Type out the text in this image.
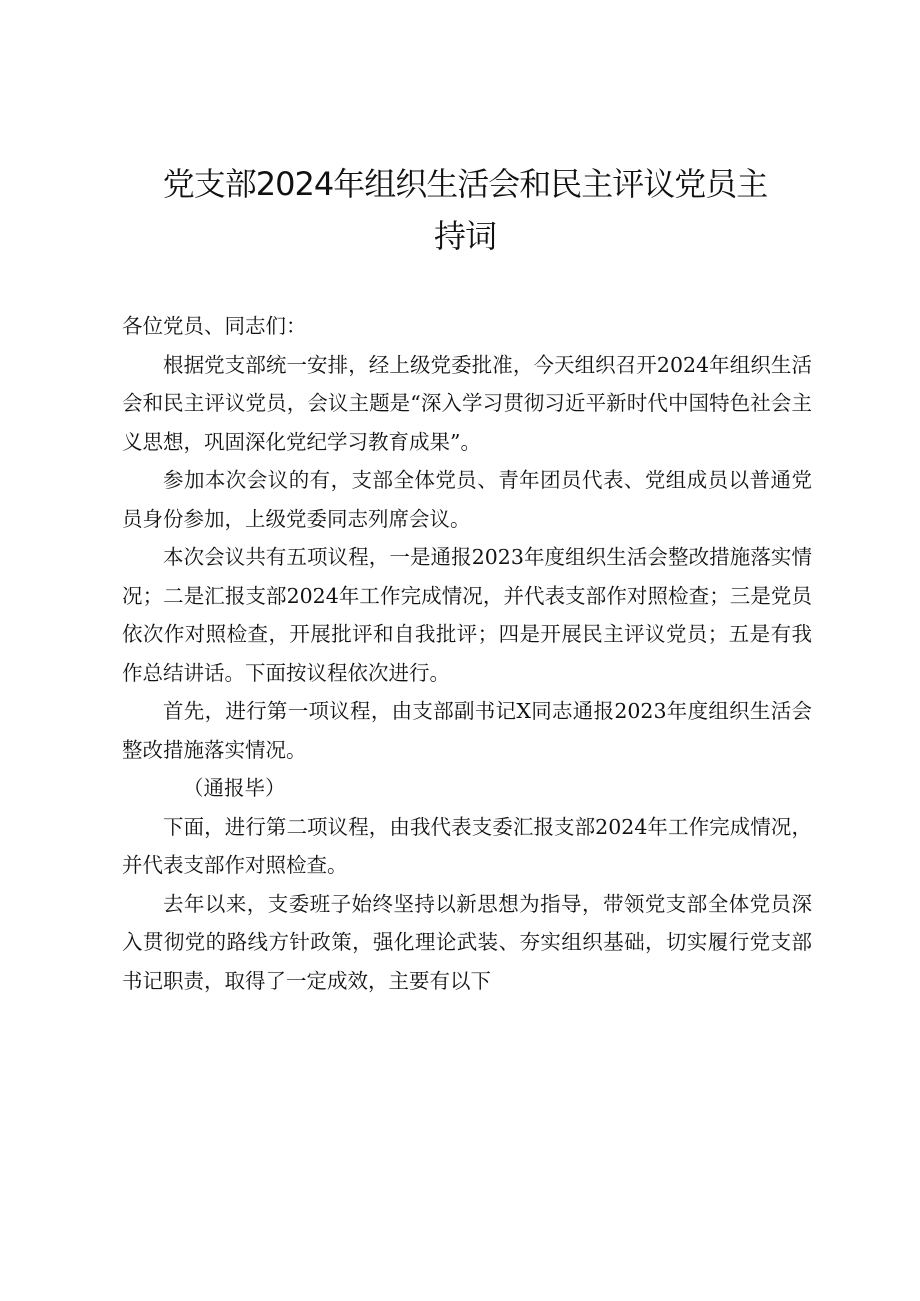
党支部2024年组织生活会和民主评议党员主
持词

各位党员、同志们：

根据党支部统一安排，经上级党委批准，今天组织召开2024年组织生活会和民主评议党员，会议主题是“深入学习贯彻习近平新时代中国特色社会主义思想，巩固深化党纪学习教育成果”。

参加本次会议的有，支部全体党员、青年团员代表、党组成员以普通党员身份参加，上级党委同志列席会议。

本次会议共有五项议程，一是通报2023年度组织生活会整改措施落实情况；二是汇报支部2024年工作完成情况，并代表支部作对照检查；三是党员依次作对照检查，开展批评和自我批评；四是开展民主评议党员；五是有我作总结讲话。下面按议程依次进行。

首先，进行第一项议程，由支部副书记X同志通报2023年度组织生活会整改措施落实情况。

（通报毕）

下面，进行第二项议程，由我代表支委汇报支部2024年工作完成情况，并代表支部作对照检查。

去年以来，支委班子始终坚持以新思想为指导，带领党支部全体党员深入贯彻党的路线方针政策，强化理论武装、夯实组织基础，切实履行党支部书记职责，取得了一定成效，主要有以下
